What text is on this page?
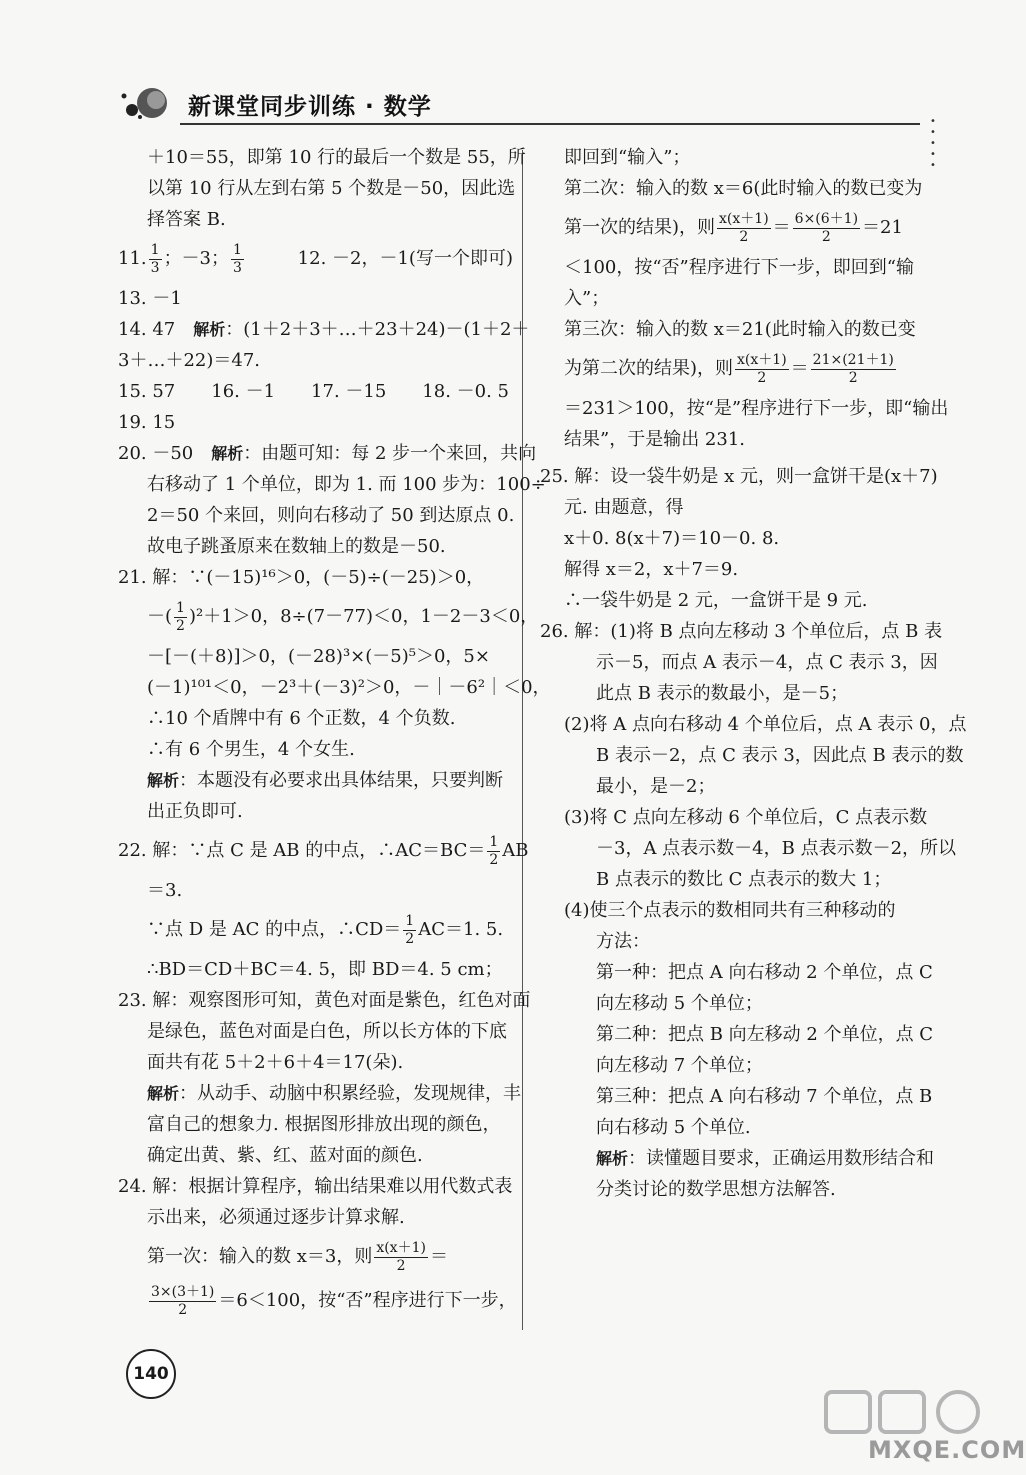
新课堂同步训练 · 数学
• • • • •
＋10＝55，即第 10 行的最后一个数是 55，所
以第 10 行从左到右第 5 个数是－50，因此选
择答案 B.
11. $\frac{1}{3}$ ；－3； $\frac{1}{3}$	12. －2，－1(写一个即可)
13. －1
14. 47　 解析：(1＋2＋3＋…＋23＋24)－(1＋2＋
3＋…＋22)＝47.
15. 57　　16. －1　　17. －15　　18. －0. 5
19. 15
20. －50　 解析：由题可知：每 2 步一个来回，共向
右移动了 1 个单位，即为 1. 而 100 步为：100÷
2＝50 个来回，则向右移动了 50 到达原点 0.
故电子跳蚤原来在数轴上的数是－50.
21. 解：∵(－15)¹⁶＞0，(－5)÷(－25)＞0，
－( $\frac{1}{2} )^2+1>0$，8÷(7－77)＜0，1－2－3＜0，
－[－(＋8)]＞0，(－28)³×(－5)⁵＞0，5×
(－1)¹⁰¹＜0，－2³＋(－3)²＞0，－｜－6²｜＜0，
∴10 个盾牌中有 6 个正数，4 个负数.
∴有 6 个男生，4 个女生.
解析：本题没有必要求出具体结果，只要判断
出正负即可.
22. 解：∵点 C 是 AB 的中点，∴AC＝BC＝ $\frac{1}{2}$ AB
＝3.
∵点 D 是 AC 的中点，∴CD＝ $\frac{1}{2} AC=1$. 5.
∴BD＝CD＋BC＝4. 5，即 BD＝4. 5 cm；
23. 解：观察图形可知，黄色对面是紫色，红色对面
是绿色，蓝色对面是白色，所以长方体的下底
面共有花 5＋2＋6＋4＝17(朵).
解析：从动手、动脑中积累经验，发现规律，丰
富自己的想象力. 根据图形排放出现的颜色，
确定出黄、紫、红、蓝对面的颜色.
24. 解：根据计算程序，输出结果难以用代数式表
示出来，必须通过逐步计算求解.
第一次：输入的数 x＝3，则 $\frac{x(x+1)}{2}$ ＝
$\frac{3\times(3+1)}{2} =6<100$，按“否”程序进行下一步，
即回到“输入”；
第二次：输入的数 x＝6(此时输入的数已变为
第一次的结果)，则 $\frac{x(x+1)}{2} = \frac{6\times(6+1)}{2} =21$
＜100，按“否”程序进行下一步，即回到“输
入”；
第三次：输入的数 x＝21(此时输入的数已变
为第二次的结果)，则 $\frac{x(x+1)}{2} = \frac{21\times(21+1)}{2}$
＝231＞100，按“是”程序进行下一步，即“输出
结果”，于是输出 231.
25. 解：设一袋牛奶是 x 元，则一盒饼干是(x＋7)
元. 由题意，得
x＋0. 8(x＋7)＝10－0. 8.
解得 x＝2，x＋7＝9.
∴一袋牛奶是 2 元，一盒饼干是 9 元.
26. 解：(1)将 B 点向左移动 3 个单位后，点 B 表
示－5，而点 A 表示－4，点 C 表示 3，因
此点 B 表示的数最小，是－5；
(2)将 A 点向右移动 4 个单位后，点 A 表示 0，点
B 表示－2，点 C 表示 3，因此点 B 表示的数
最小，是－2；
(3)将 C 点向左移动 6 个单位后，C 点表示数
－3，A 点表示数－4，B 点表示数－2，所以
B 点表示的数比 C 点表示的数大 1；
(4)使三个点表示的数相同共有三种移动的
方法：
第一种：把点 A 向右移动 2 个单位，点 C
向左移动 5 个单位；
第二种：把点 B 向左移动 2 个单位，点 C
向左移动 7 个单位；
第三种：把点 A 向右移动 7 个单位，点 B
向右移动 5 个单位.
解析：读懂题目要求，正确运用数形结合和
分类讨论的数学思想方法解答.
140
MXQE.COM
